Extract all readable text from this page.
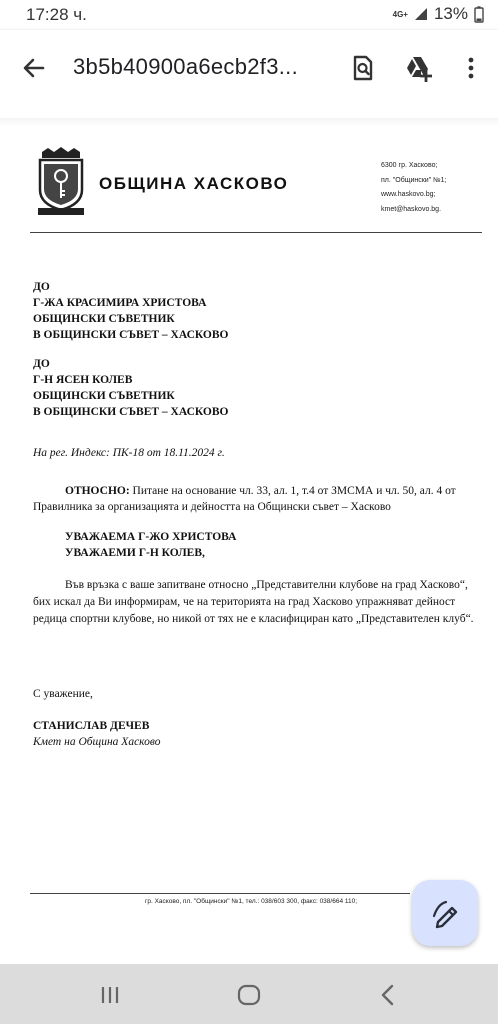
17:28 ч.	4G+ 13%
3b5b40900a6ecb2f3...
ОБЩИНА ХАСКОВО
6300 гр. Хасково;
пл. "Общински" №1;
www.haskovo.bg;
kmet@haskovo.bg.
ДО
Г-ЖА КРАСИМИРА ХРИСТОВА
ОБЩИНСКИ СЪВЕТНИК
В ОБЩИНСКИ СЪВЕТ – ХАСКОВО
ДО
Г-Н ЯСЕН КОЛЕВ
ОБЩИНСКИ СЪВЕТНИК
В ОБЩИНСКИ СЪВЕТ – ХАСКОВО
На рег. Индекс: ПК-18 от 18.11.2024 г.
ОТНОСНО: Питане на основание чл. 33, ал. 1, т.4 от ЗМСМА и чл. 50, ал. 4 от
Правилника за организацията и дейността на Общински съвет – Хасково
УВАЖАЕМА Г-ЖО ХРИСТОВА
УВАЖАЕМИ Г-Н КОЛЕВ,
Във връзка с ваше запитване относно „Представителни клубове на град Хасково“,
бих искал да Ви информирам, че на територията на град Хасково упражняват дейност
редица спортни клубове, но никой от тях не е класифициран като „Представителен клуб“.
С уважение,
СТАНИСЛАВ ДЕЧЕВ
Кмет на Община Хасково
гр. Хасково, пл. "Общински" №1, тел.: 038/603 300, факс: 038/664 110;
